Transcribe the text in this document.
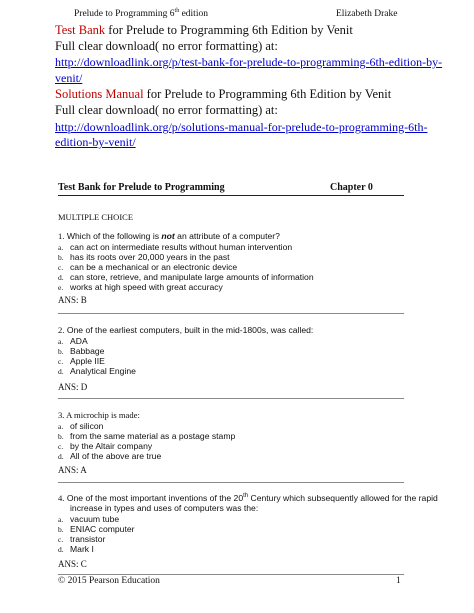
Prelude to Programming 6th edition	Elizabeth Drake
Test Bank for Prelude to Programming 6th Edition by Venit
Full clear download( no error formatting) at:
http://downloadlink.org/p/test-bank-for-prelude-to-programming-6th-edition-by-
venit/
Solutions Manual for Prelude to Programming 6th Edition by Venit
Full clear download( no error formatting) at:
http://downloadlink.org/p/solutions-manual-for-prelude-to-programming-6th-
edition-by-venit/
Test Bank for Prelude to Programming	Chapter 0
MULTIPLE CHOICE
1. Which of the following is not an attribute of a computer?
a. can act on intermediate results without human intervention
b. has its roots over 20,000 years in the past
c. can be a mechanical or an electronic device
d. can store, retrieve, and manipulate large amounts of information
e. works at high speed with great accuracy
ANS: B
2. One of the earliest computers, built in the mid-1800s, was called:
a. ADA
b. Babbage
c. Apple IIE
d. Analytical Engine
ANS: D
3. A microchip is made:
a. of silicon
b. from the same material as a postage stamp
c. by the Altair company
d. All of the above are true
ANS: A
4. One of the most important inventions of the 20th Century which subsequently allowed for the rapid
increase in types and uses of computers was the:
a. vacuum tube
b. ENIAC computer
c. transistor
d. Mark I
ANS: C
© 2015 Pearson Education	1
